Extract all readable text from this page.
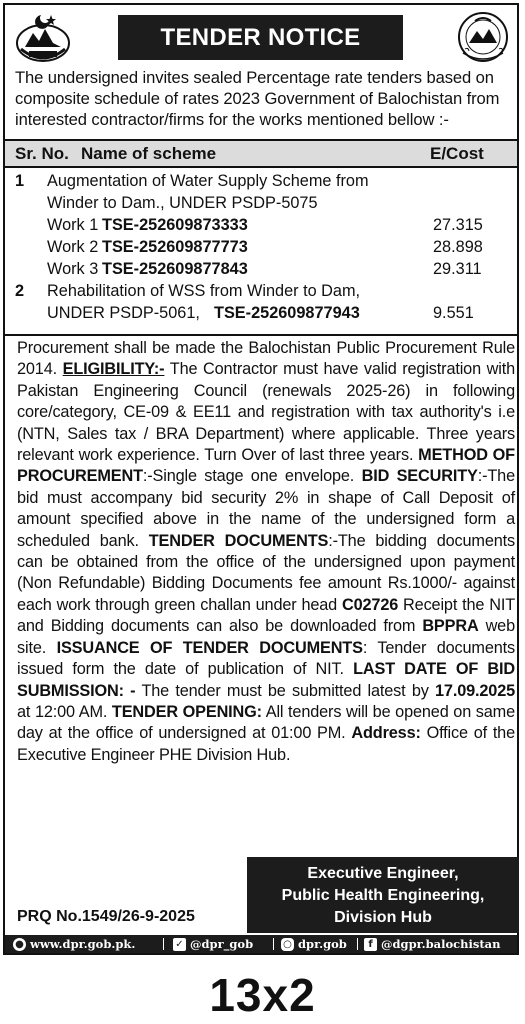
TENDER NOTICE
The undersigned invites sealed Percentage rate tenders based on
composite schedule of rates 2023 Government of Balochistan from
interested contractor/firms for the works mentioned bellow :-
Sr. No. Name of scheme	E/Cost
1 Augmentation of Water Supply Scheme from
Winder to Dam., UNDER PSDP-5075
Work 1 TSE-252609873333	27.315
Work 2 TSE-252609877773	28.898
Work 3 TSE-252609877843	29.311
2 Rehabilitation of WSS from Winder to Dam,
UNDER PSDP-5061, TSE-252609877943	9.551
Procurement shall be made the Balochistan Public Procurement Rule 2014. ELIGIBILITY:- The Contractor must have valid registration with Pakistan Engineering Council (renewals 2025-26) in following core/category, CE-09 & EE11 and registration with tax authority's i.e (NTN, Sales tax / BRA Department) where applicable. Three years relevant work experience. Turn Over of last three years. METHOD OF PROCUREMENT:-Single stage one envelope. BID SECURITY:-The bid must accompany bid security 2% in shape of Call Deposit of amount specified above in the name of the undersigned form a scheduled bank. TENDER DOCUMENTS:-The bidding documents can be obtained from the office of the undersigned upon payment (Non Refundable) Bidding Documents fee amount Rs.1000/- against each work through green challan under head C02726 Receipt the NIT and Bidding documents can also be downloaded from BPPRA web site. ISSUANCE OF TENDER DOCUMENTS: Tender documents issued form the date of publication of NIT. LAST DATE OF BID SUBMISSION: - The tender must be submitted latest by 17.09.2025 at 12:00 AM. TENDER OPENING: All tenders will be opened on same day at the office of undersigned at 01:00 PM. Address: Office of the Executive Engineer PHE Division Hub.
Executive Engineer,
Public Health Engineering,
Division Hub
PRQ No.1549/26-9-2025
● www.dpr.gob.pk.	✓ @dpr_gob	○ dpr.gob	f @dgpr.balochistan
13x2
